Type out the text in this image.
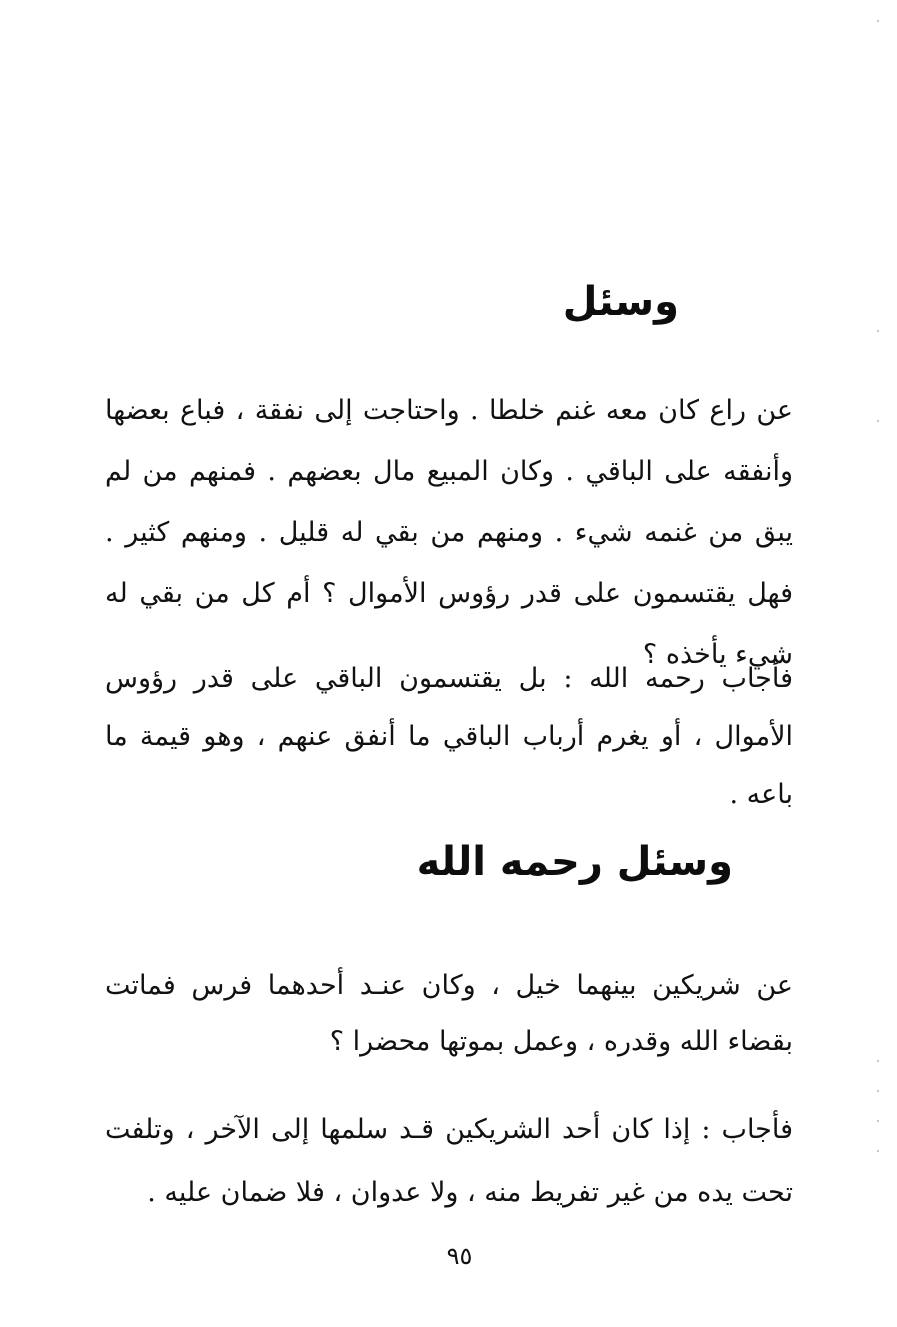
وسئل

عن راع كان معه غنم خلطا . واحتاجت إلى نفقة ، فباع بعضها وأنفقه على الباقي . وكان المبيع مال بعضهم . فمنهم من لم يبق من غنمه شيء . ومنهم من بقي له قليل . ومنهم كثير . فهل يقتسمون على قدر رؤوس الأموال ؟ أم كل من بقي له شيء يأخذه ؟

فأجاب رحمه الله : بل يقتسمون الباقي على قدر رؤوس الأموال ، أو يغرم أرباب الباقي ما أنفق عنهم ، وهو قيمة ما باعه .

وسئل رحمه الله

عن شريكين بينهما خيل ، وكان عنـد أحدهما فرس فماتت بقضاء الله وقدره ، وعمل بموتها محضرا ؟

فأجاب : إذا كان أحد الشريكين قـد سلمها إلى الآخر ، وتلفت تحت يده من غير تفريط منه ، ولا عدوان ، فلا ضمان عليه .

٩٥
